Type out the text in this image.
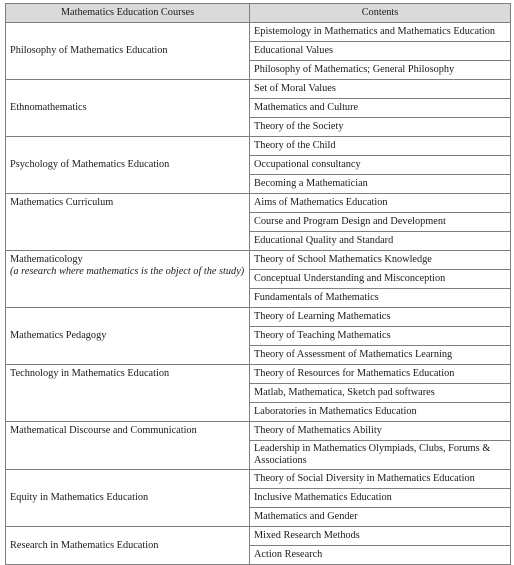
Mathematics Education Courses	Contents
Philosophy of Mathematics Education	Epistemology in Mathematics and Mathematics Education
	Educational Values
	Philosophy of Mathematics; General Philosophy
Ethnomathematics	Set of Moral Values
	Mathematics and Culture
	Theory of the Society
Psychology of Mathematics Education	Theory of the Child
	Occupational consultancy
	Becoming a Mathematician
Mathematics Curriculum	Aims of Mathematics Education
	Course and Program Design and Development
	Educational Quality and Standard
Mathematicology
(a research where mathematics is the object of the study)	Theory of School Mathematics Knowledge
	Conceptual Understanding and Misconception
	Fundamentals of Mathematics
Mathematics Pedagogy	Theory of Learning Mathematics
	Theory of Teaching Mathematics
	Theory of Assessment of Mathematics Learning
Technology in Mathematics Education	Theory of Resources for Mathematics Education
	Matlab, Mathematica, Sketch pad softwares
	Laboratories in Mathematics Education
Mathematical Discourse and Communication	Theory of Mathematics Ability
	Leadership in Mathematics Olympiads, Clubs, Forums & Associations
Equity in Mathematics Education	Theory of Social Diversity in Mathematics Education
	Inclusive Mathematics Education
	Mathematics and Gender
Research in Mathematics Education	Mixed Research Methods
	Action Research
